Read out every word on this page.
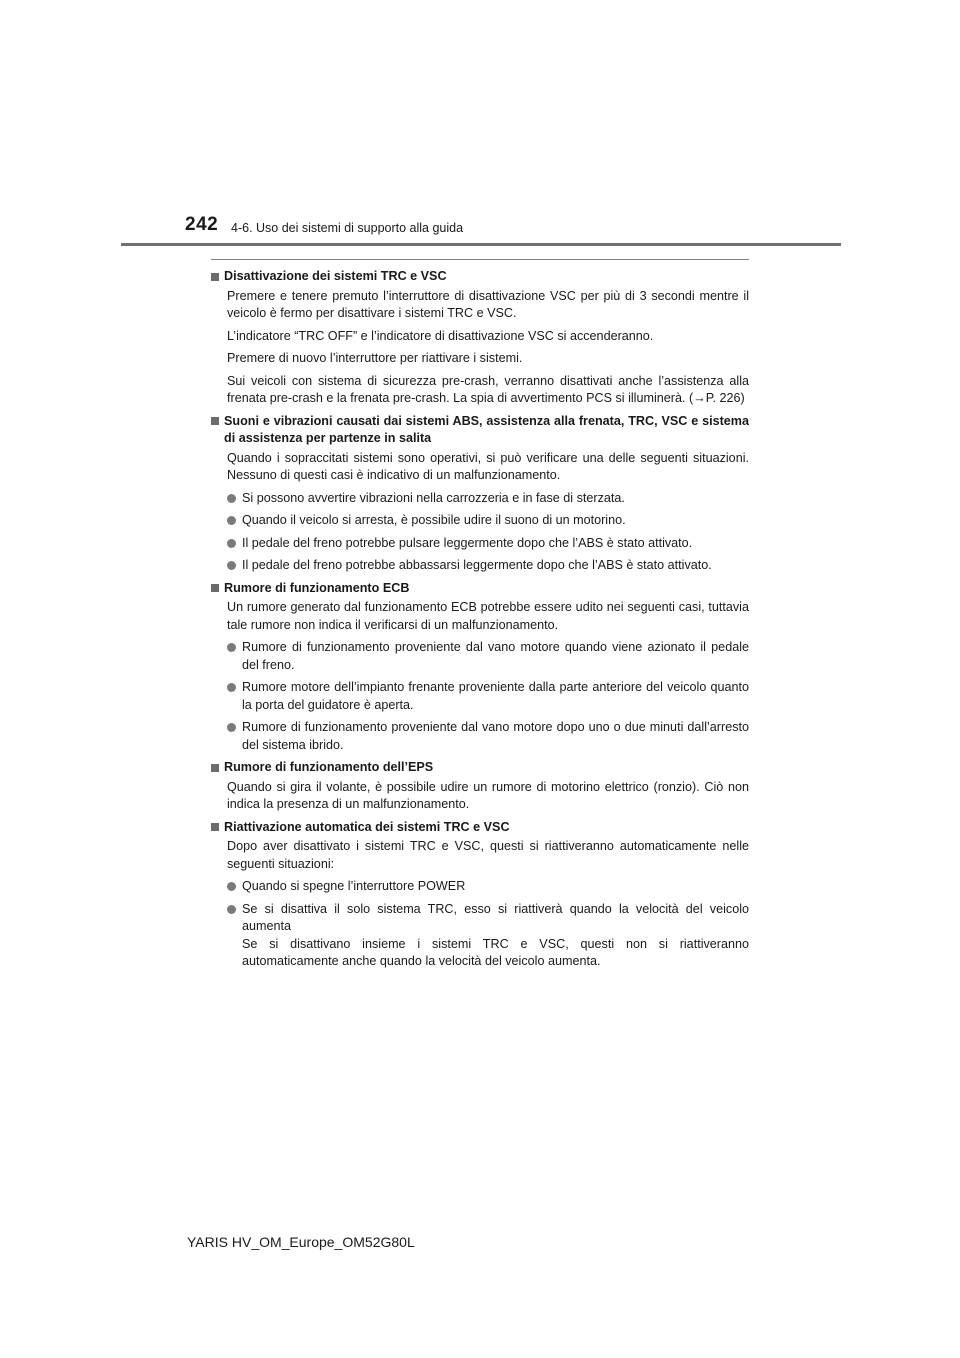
242 4-6. Uso dei sistemi di supporto alla guida
Disattivazione dei sistemi TRC e VSC

Premere e tenere premuto l’interruttore di disattivazione VSC per più di 3 secondi mentre il veicolo è fermo per disattivare i sistemi TRC e VSC.

L’indicatore “TRC OFF” e l’indicatore di disattivazione VSC si accenderanno.

Premere di nuovo l’interruttore per riattivare i sistemi.

Sui veicoli con sistema di sicurezza pre-crash, verranno disattivati anche l’assistenza alla frenata pre-crash e la frenata pre-crash. La spia di avvertimento PCS si illuminerà. (→P. 226)

Suoni e vibrazioni causati dai sistemi ABS, assistenza alla frenata, TRC, VSC e sistema di assistenza per partenze in salita

Quando i sopraccitati sistemi sono operativi, si può verificare una delle seguenti situazioni. Nessuno di questi casi è indicativo di un malfunzionamento.

Si possono avvertire vibrazioni nella carrozzeria e in fase di sterzata.
Quando il veicolo si arresta, è possibile udire il suono di un motorino.
Il pedale del freno potrebbe pulsare leggermente dopo che l’ABS è stato attivato.
Il pedale del freno potrebbe abbassarsi leggermente dopo che l’ABS è stato attivato.
Rumore di funzionamento ECB

Un rumore generato dal funzionamento ECB potrebbe essere udito nei seguenti casi, tuttavia tale rumore non indica il verificarsi di un malfunzionamento.

Rumore di funzionamento proveniente dal vano motore quando viene azionato il pedale del freno.
Rumore motore dell’impianto frenante proveniente dalla parte anteriore del veicolo quanto la porta del guidatore è aperta.
Rumore di funzionamento proveniente dal vano motore dopo uno o due minuti dall’arresto del sistema ibrido.
Rumore di funzionamento dell’EPS

Quando si gira il volante, è possibile udire un rumore di motorino elettrico (ronzio). Ciò non indica la presenza di un malfunzionamento.

Riattivazione automatica dei sistemi TRC e VSC

Dopo aver disattivato i sistemi TRC e VSC, questi si riattiveranno automaticamente nelle seguenti situazioni:

Quando si spegne l’interruttore POWER
Se si disattiva il solo sistema TRC, esso si riattiverà quando la velocità del veicolo aumenta
Se si disattivano insieme i sistemi TRC e VSC, questi non si riattiveranno automaticamente anche quando la velocità del veicolo aumenta.
YARIS HV_OM_Europe_OM52G80L
